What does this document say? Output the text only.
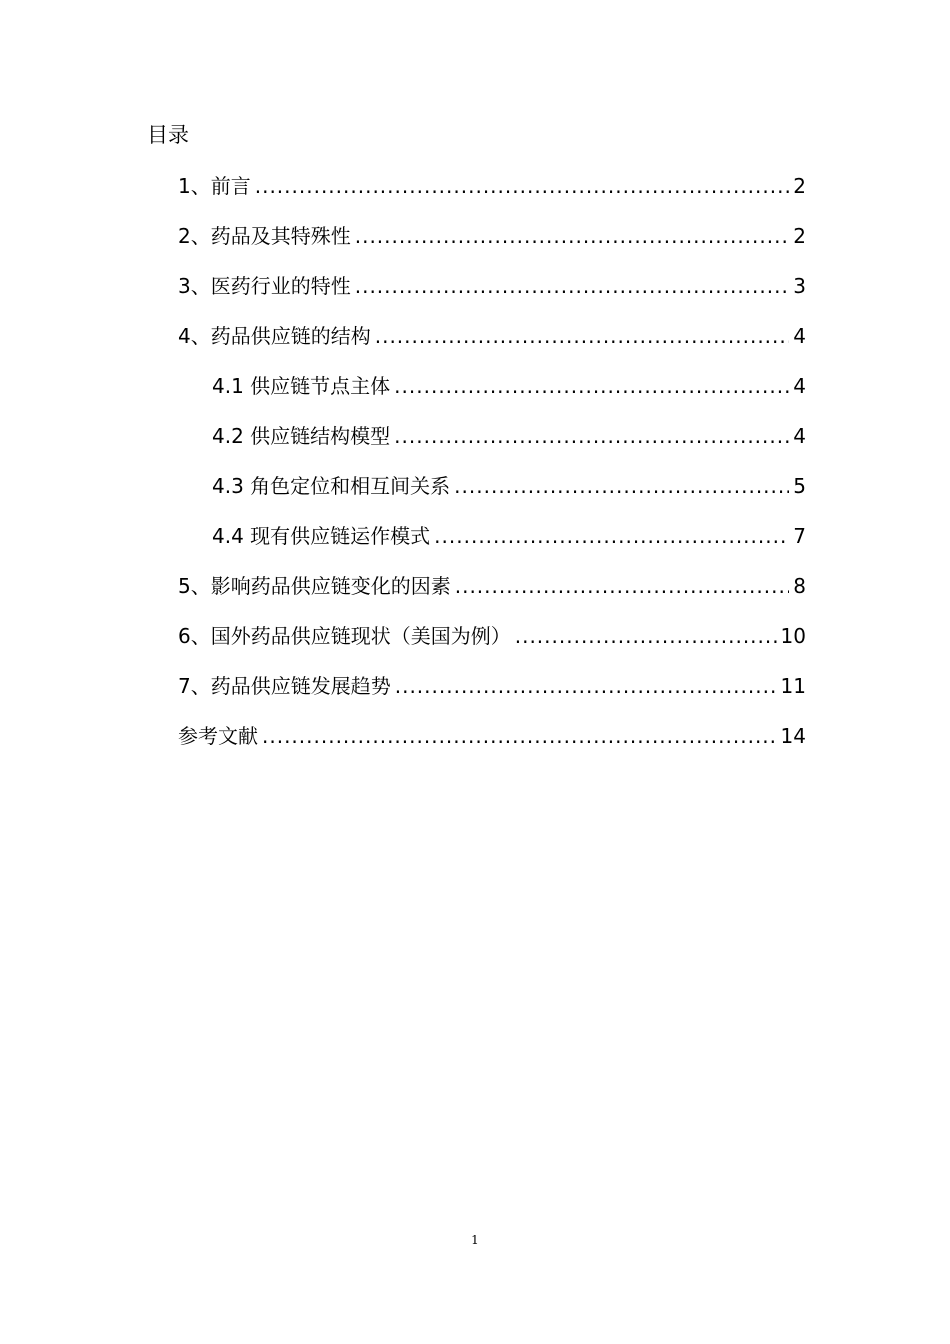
目录
1、前言 .....	2
2、药品及其特殊性 .....	2
3、医药行业的特性 .....	3
4、药品供应链的结构 .....	4
4.1 供应链节点主体 .....	4
4.2 供应链结构模型 .....	4
4.3 角色定位和相互间关系 .....	5
4.4 现有供应链运作模式 .....	7
5、影响药品供应链变化的因素 .....	8
6、国外药品供应链现状（美国为例） .....	10
7、药品供应链发展趋势 .....	11
参考文献 .....	14
1
